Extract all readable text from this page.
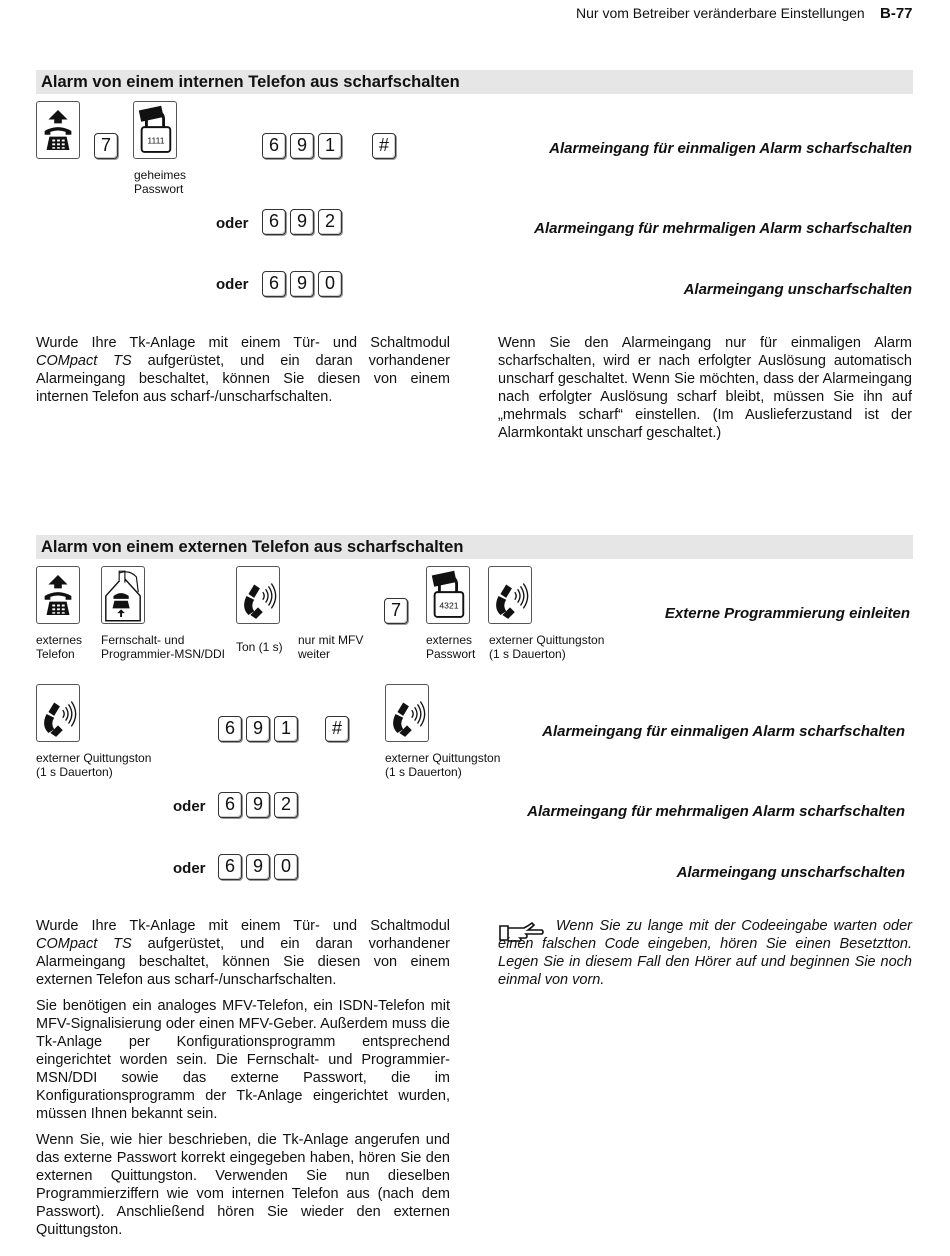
Nur vom Betreiber veränderbare Einstellungen B-77
Alarm von einem internen Telefon aus scharfschalten
7	1111
geheimes
Passwort
6 9 1	#	Alarmeingang für einmaligen Alarm scharfschalten
oder	6 9 2	Alarmeingang für mehrmaligen Alarm scharfschalten
oder	6 9 0	Alarmeingang unscharfschalten

Wurde Ihre Tk-Anlage mit einem Tür- und Schaltmodul COMpact TS aufgerüstet, und ein daran vorhandener Alarmeingang beschaltet, können Sie diesen von einem internen Telefon aus scharf-/unscharfschalten.

Wenn Sie den Alarmeingang nur für einmaligen Alarm scharfschalten, wird er nach erfolgter Auslösung automatisch unscharf geschaltet. Wenn Sie möchten, dass der Alarmeingang nach erfolgter Auslösung scharf bleibt, müssen Sie ihn auf „mehrmals scharf“ einstellen. (Im Auslieferzustand ist der Alarmkontakt unscharf geschaltet.)

Alarm von einem externen Telefon aus scharfschalten
7	4321	Externe Programmierung einleiten
externes
Telefon
Fernschalt- und
Programmier-MSN/DDI Ton (1 s) nur mit MFV
weiter
externes
Passwort
externer Quittungston
(1 s Dauerton)
externer Quittungston
(1 s Dauerton)
6 9 1	#
externer Quittungston
(1 s Dauerton)
Alarmeingang für einmaligen Alarm scharfschalten
oder	6 9 2	Alarmeingang für mehrmaligen Alarm scharfschalten
oder	6 9 0	Alarmeingang unscharfschalten

Wurde Ihre Tk-Anlage mit einem Tür- und Schaltmodul COMpact TS aufgerüstet, und ein daran vorhandener Alarmeingang beschaltet, können Sie diesen von einem externen Telefon aus scharf-/unscharfschalten.

Sie benötigen ein analoges MFV-Telefon, ein ISDN-Telefon mit MFV-Signalisierung oder einen MFV-Geber. Außerdem muss die Tk-Anlage per Konfigurationsprogramm entsprechend eingerichtet worden sein. Die Fernschalt- und Programmier-MSN/DDI sowie das externe Passwort, die im Konfigurationsprogramm der Tk-Anlage eingerichtet wurden, müssen Ihnen bekannt sein.

Wenn Sie, wie hier beschrieben, die Tk-Anlage angerufen und das externe Passwort korrekt eingegeben haben, hören Sie den externen Quittungston. Verwenden Sie nun dieselben Programmierziffern wie vom internen Telefon aus (nach dem Passwort). Anschließend hören Sie wieder den externen Quittungston.

Wenn Sie zu lange mit der Codeeingabe warten oder einen falschen Code eingeben, hören Sie einen Besetztton. Legen Sie in diesem Fall den Hörer auf und beginnen Sie noch einmal von vorn.
